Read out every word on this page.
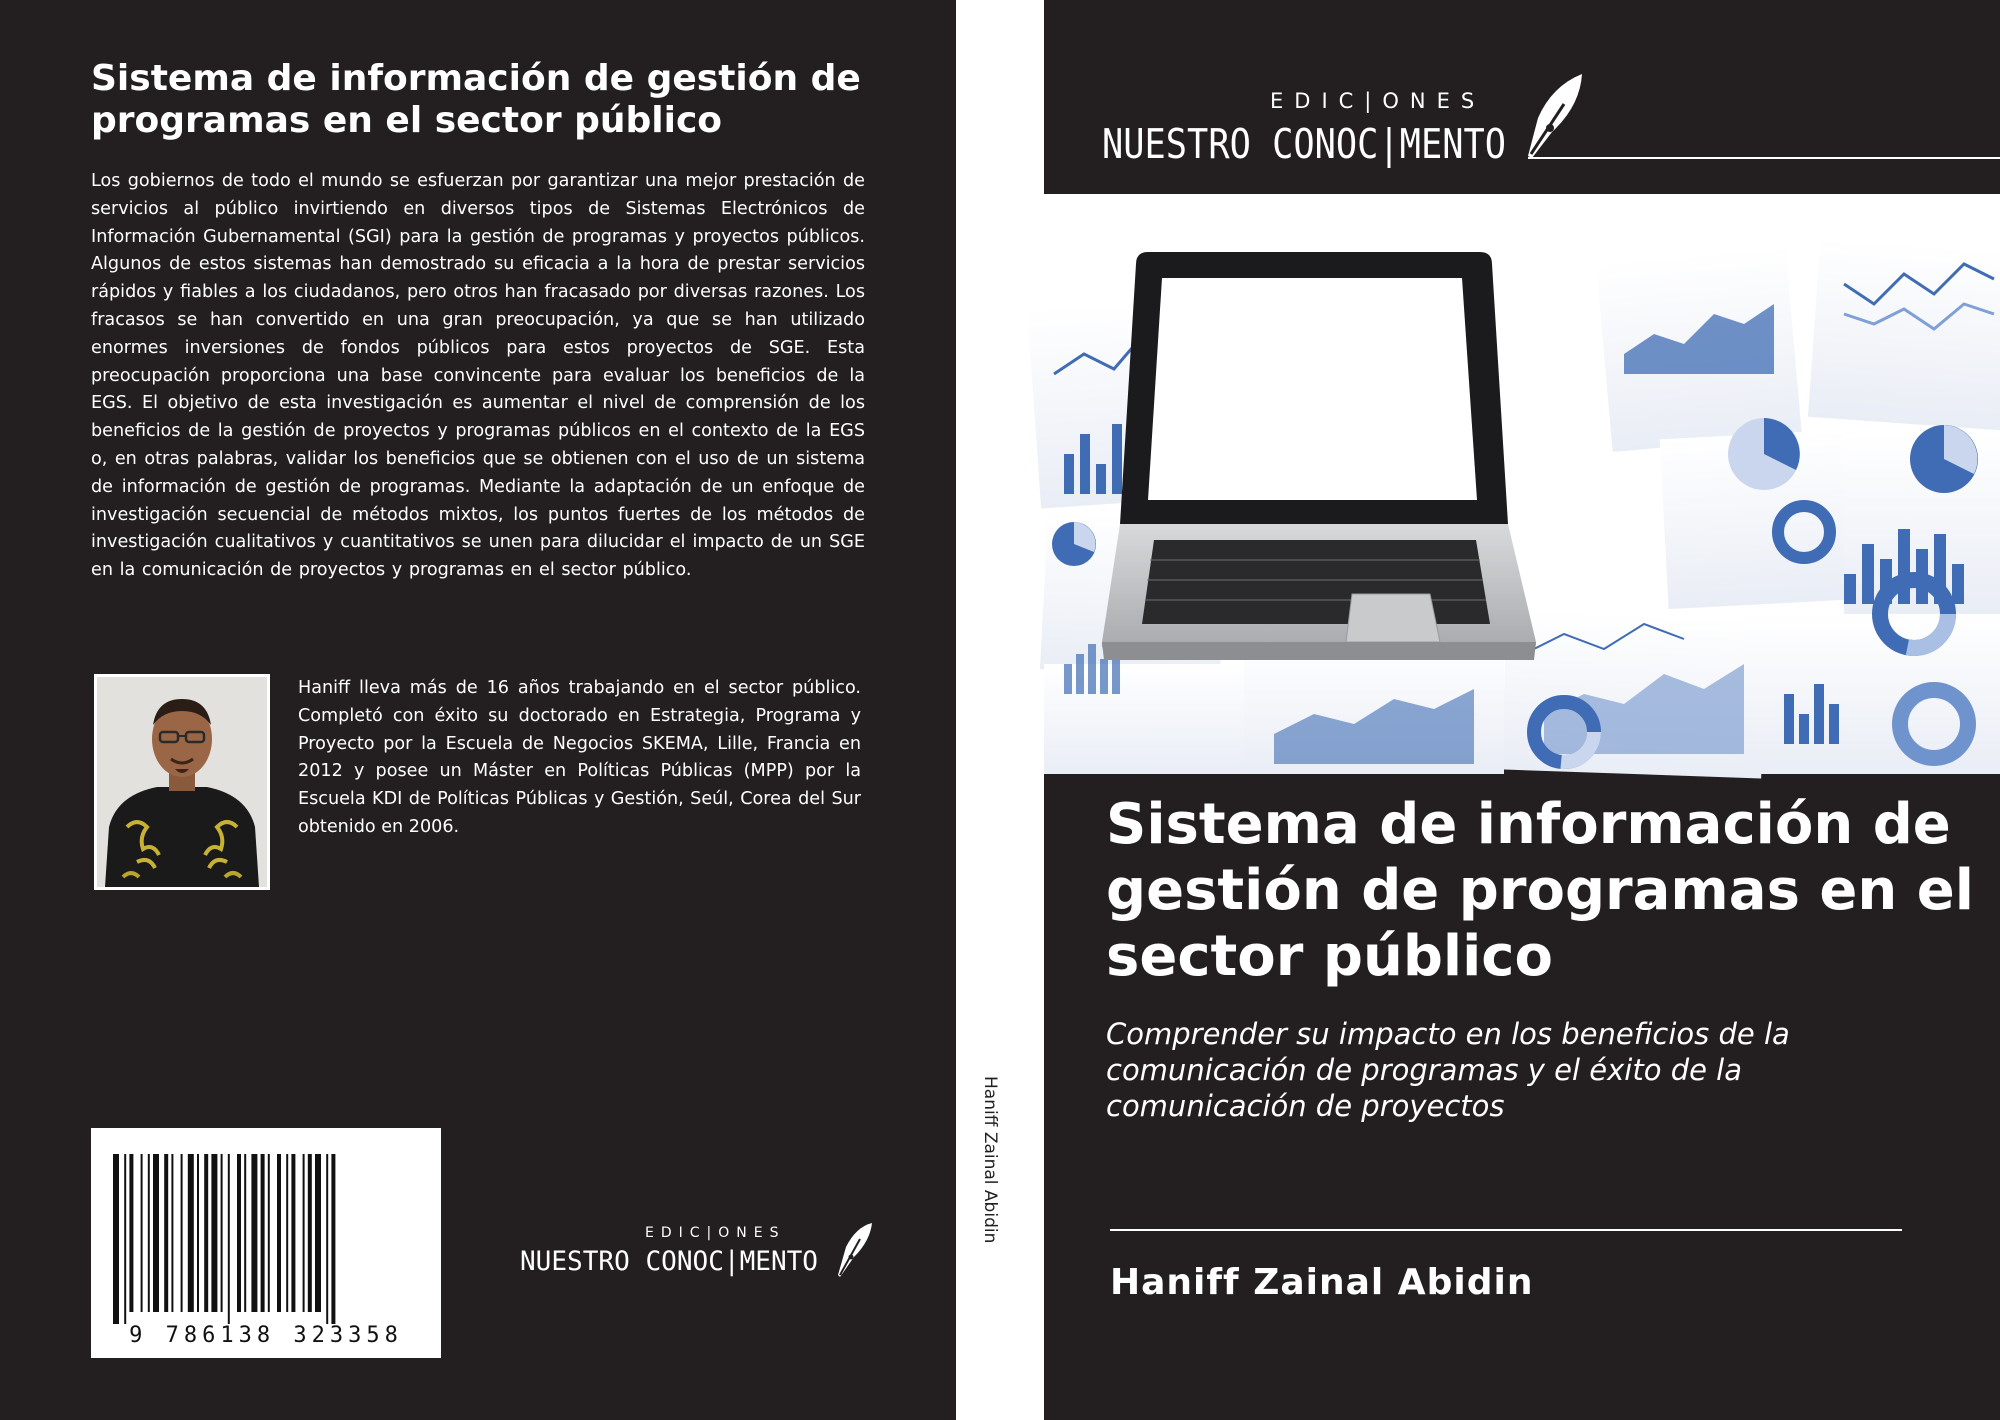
Sistema de información de gestión de programas en el sector público
Los gobiernos de todo el mundo se esfuerzan por garantizar una mejor prestación de servicios al público invirtiendo en diversos tipos de Sistemas Electrónicos de Información Gubernamental (SGI) para la gestión de programas y proyectos públicos. Algunos de estos sistemas han demostrado su eficacia a la hora de prestar servicios rápidos y fiables a los ciudadanos, pero otros han fracasado por diversas razones. Los fracasos se han convertido en una gran preocupación, ya que se han utilizado enormes inversiones de fondos públicos para estos proyectos de SGE. Esta preocupación proporciona una base convincente para evaluar los beneficios de la EGS. El objetivo de esta investigación es aumentar el nivel de comprensión de los beneficios de la gestión de proyectos y programas públicos en el contexto de la EGS o, en otras palabras, validar los beneficios que se obtienen con el uso de un sistema de información de gestión de programas. Mediante la adaptación de un enfoque de investigación secuencial de métodos mixtos, los puntos fuertes de los métodos de investigación cualitativos y cuantitativos se unen para dilucidar el impacto de un SGE en la comunicación de proyectos y programas en el sector público.
Haniff lleva más de 16 años trabajando en el sector público. Completó con éxito su doctorado en Estrategia, Programa y Proyecto por la Escuela de Negocios SKEMA, Lille, Francia en 2012 y posee un Máster en Políticas Públicas (MPP) por la Escuela KDI de Políticas Públicas y Gestión, Seúl, Corea del Sur obtenido en 2006.
9 786138 323358
EDIC|ONES
NUESTRO CONOC|MENTO
Haniff Zainal Abidin
EDIC|ONES
NUESTRO CONOC|MENTO
Sistema de información de gestión de programas en el sector público
Comprender su impacto en los beneficios de la comunicación de programas y el éxito de la comunicación de proyectos
Haniff Zainal Abidin
